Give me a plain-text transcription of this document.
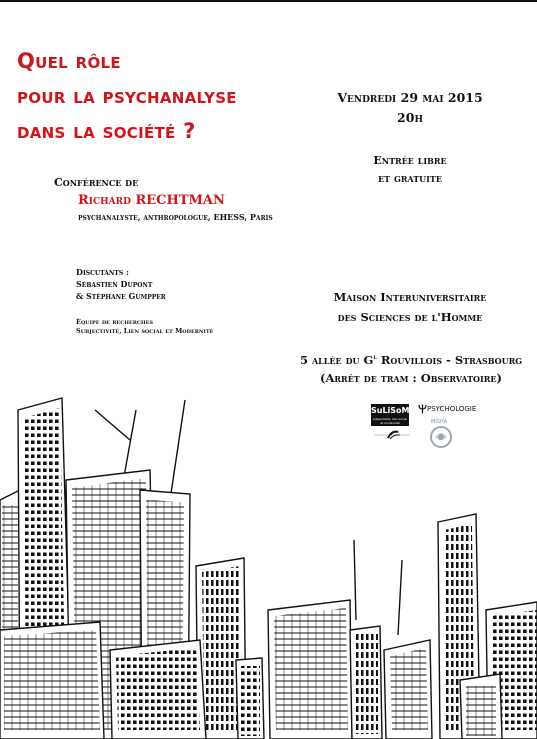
Quel rôle
pour la psychanalyse
dans la société ?
Vendredi 29 mai 2015
20h
Entrée libre
et gratuite
Conférence de
Richard RECHTMAN
psychanalyste, anthropologue, EHESS, Paris
Discutants :
Sébastien Dupont
& Stéphane Gumpper
Équipe de recherches
Subjectivité, Lien social et Modernité
Maison Interuniversitaire
des Sciences de l'Homme
5 allée du $G^l$ Rouvillois - Strasbourg
(Arrêt de tram : Observatoire)
SuLiSoM
subjectivité, lien social et modernité
PSYCHOLOGIE
MISHA
